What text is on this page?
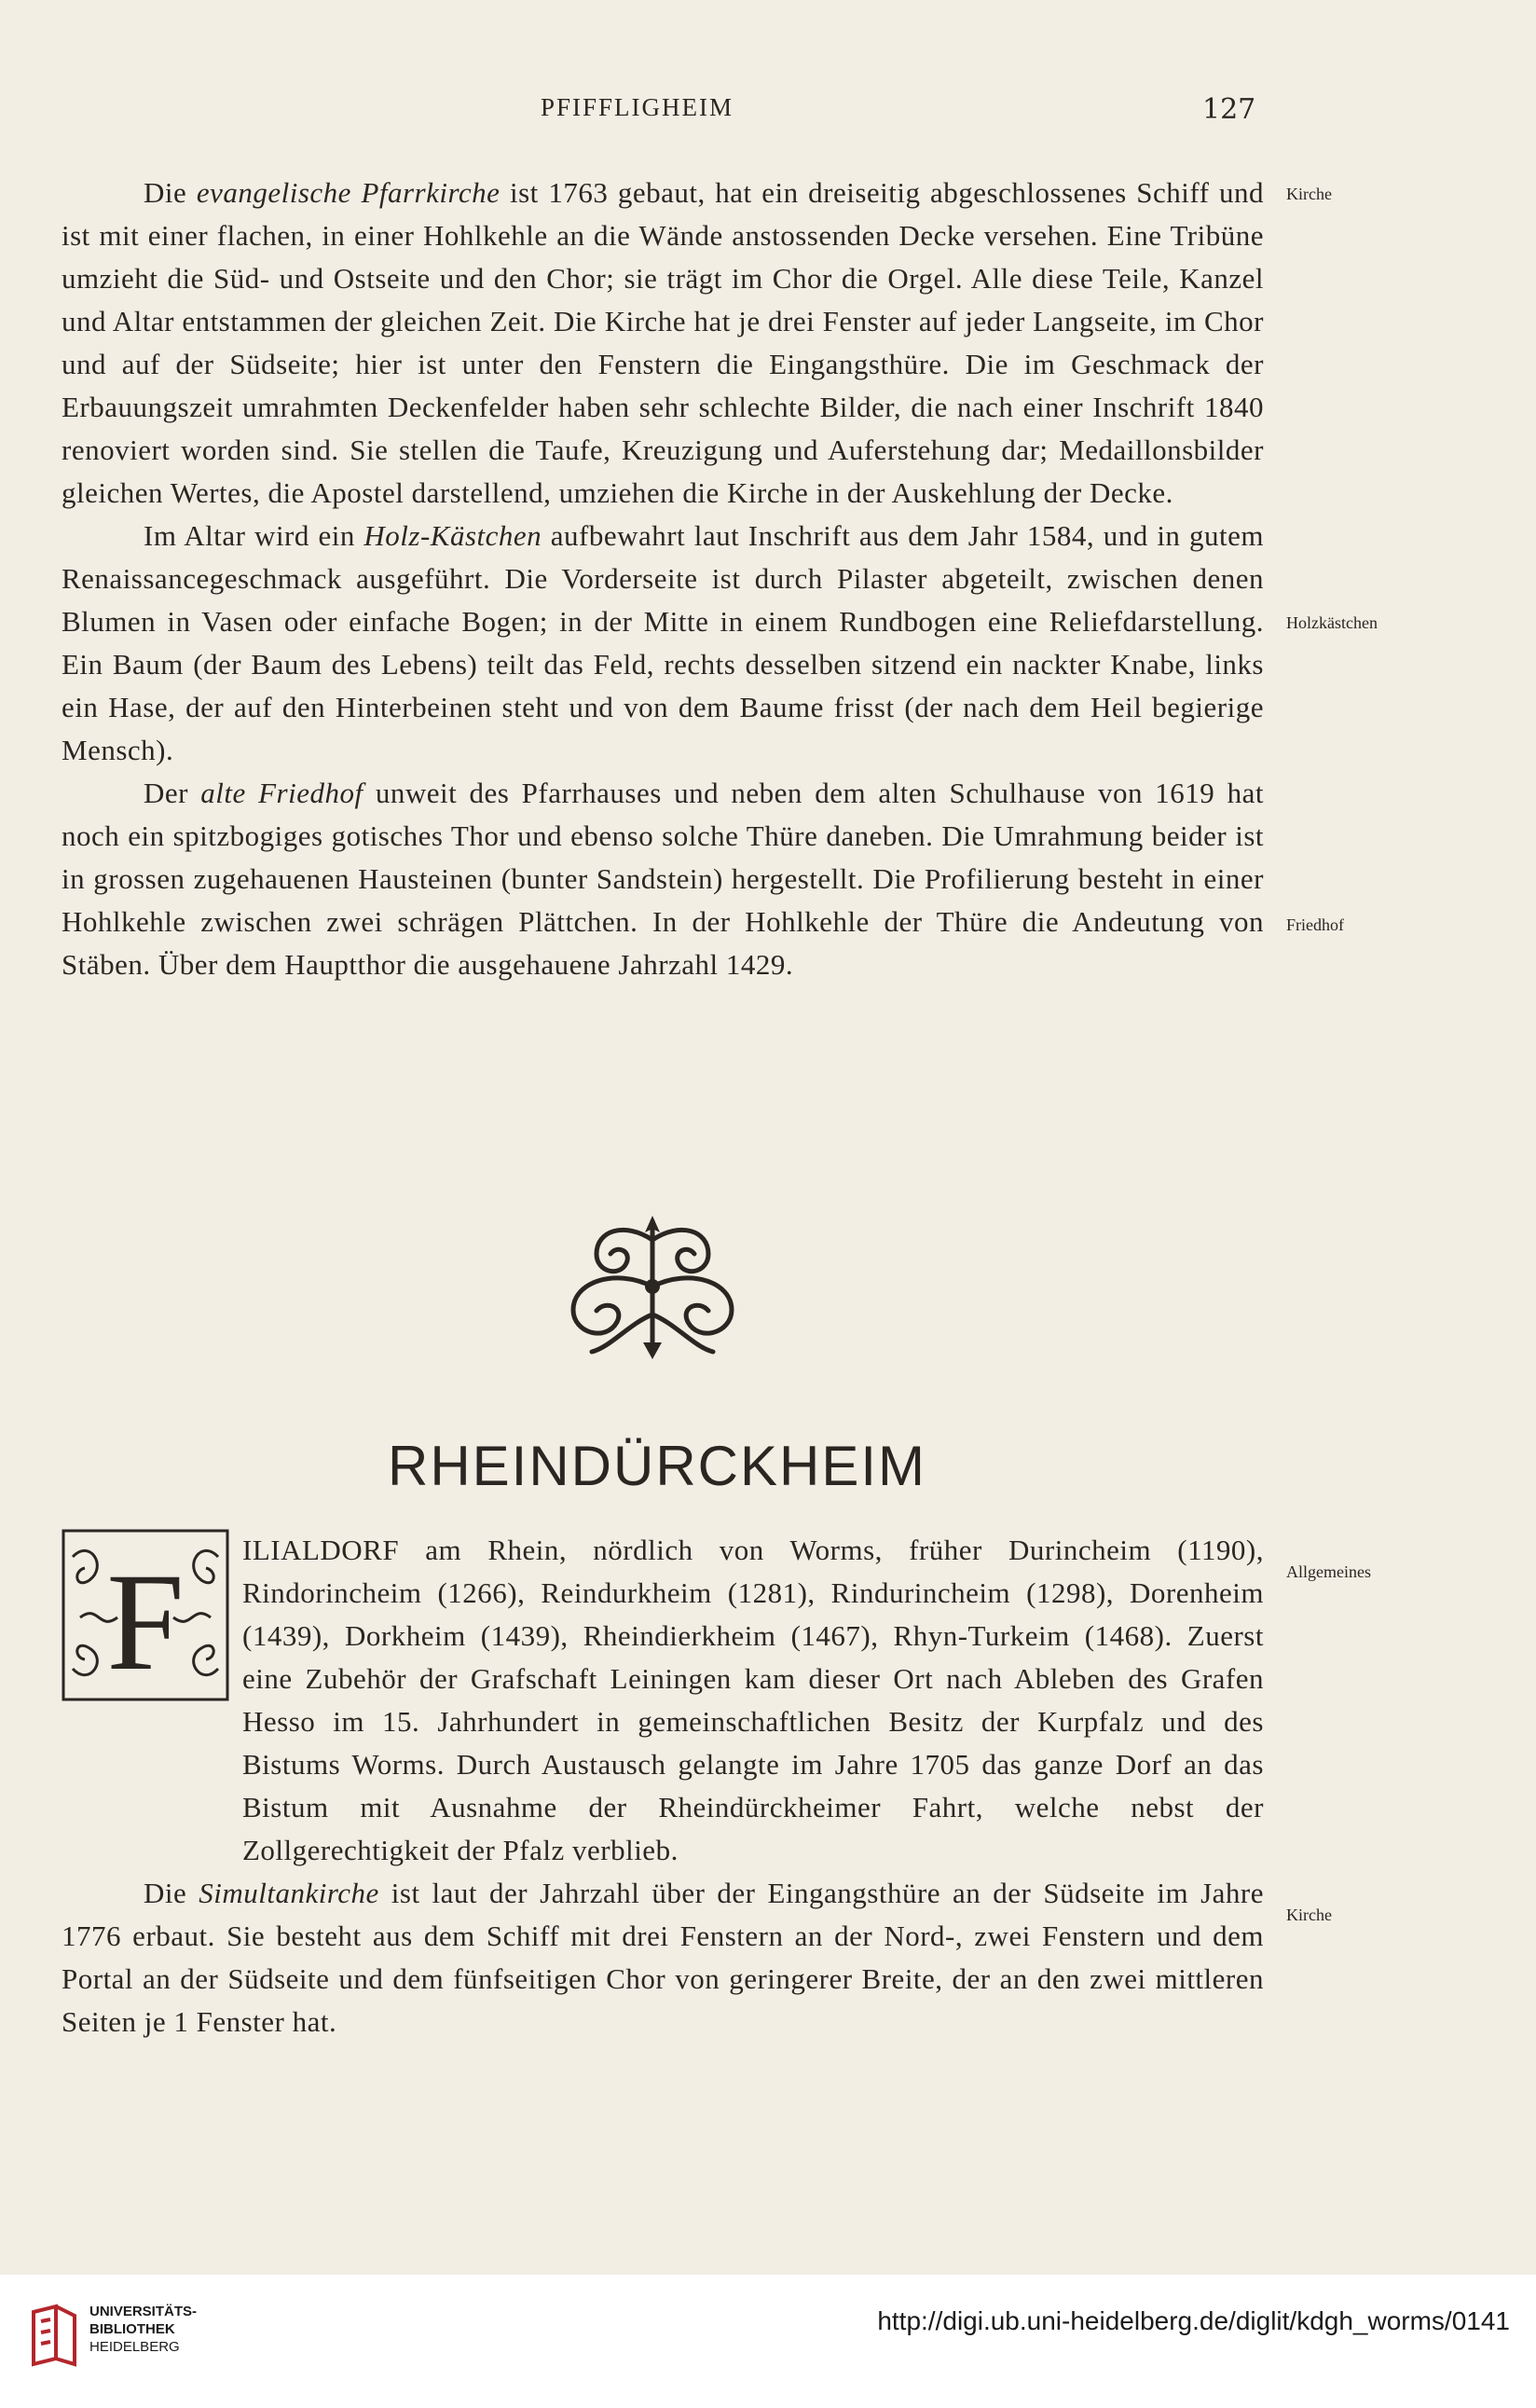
PFIFFLIGHEIM	127
Kirche
Holzkästchen
Friedhof
Allgemeines
Kirche

Die evangelische Pfarrkirche ist 1763 gebaut, hat ein dreiseitig abgeschlossenes Schiff und ist mit einer flachen, in einer Hohlkehle an die Wände anstossenden Decke versehen. Eine Tribüne umzieht die Süd- und Ostseite und den Chor; sie trägt im Chor die Orgel. Alle diese Teile, Kanzel und Altar entstammen der gleichen Zeit. Die Kirche hat je drei Fenster auf jeder Langseite, im Chor und auf der Südseite; hier ist unter den Fenstern die Eingangsthüre. Die im Geschmack der Erbauungszeit umrahmten Deckenfelder haben sehr schlechte Bilder, die nach einer Inschrift 1840 renoviert worden sind. Sie stellen die Taufe, Kreuzigung und Auferstehung dar; Medaillonsbilder gleichen Wertes, die Apostel darstellend, umziehen die Kirche in der Auskehlung der Decke.

Im Altar wird ein Holz-Kästchen aufbewahrt laut Inschrift aus dem Jahr 1584, und in gutem Renaissancegeschmack ausgeführt. Die Vorderseite ist durch Pilaster abgeteilt, zwischen denen Blumen in Vasen oder einfache Bogen; in der Mitte in einem Rundbogen eine Reliefdarstellung. Ein Baum (der Baum des Lebens) teilt das Feld, rechts desselben sitzend ein nackter Knabe, links ein Hase, der auf den Hinterbeinen steht und von dem Baume frisst (der nach dem Heil begierige Mensch).

Der alte Friedhof unweit des Pfarrhauses und neben dem alten Schulhause von 1619 hat noch ein spitzbogiges gotisches Thor und ebenso solche Thüre daneben. Die Umrahmung beider ist in grossen zugehauenen Hausteinen (bunter Sandstein) hergestellt. Die Profilierung besteht in einer Hohlkehle zwischen zwei schrägen Plättchen. In der Hohlkehle der Thüre die Andeutung von Stäben. Über dem Hauptthor die ausgehauene Jahrzahl 1429.

RHEINDÜRCKHEIM
F	ILIALDORF am Rhein, nördlich von Worms, früher Durincheim (1190), Rindorincheim (1266), Reindurkheim (1281), Rindurincheim (1298), Dorenheim (1439), Dorkheim (1439), Rheindierkheim (1467), Rhyn-Turkeim (1468). Zuerst eine Zubehör der Grafschaft Leiningen kam dieser Ort nach Ableben des Grafen Hesso im 15. Jahrhundert in gemeinschaftlichen Besitz der Kurpfalz und des Bistums Worms. Durch Austausch gelangte im Jahre 1705 das ganze Dorf an das Bistum mit Ausnahme der Rheindürckheimer Fahrt, welche nebst der Zollgerechtigkeit der Pfalz verblieb.

Die Simultankirche ist laut der Jahrzahl über der Eingangsthüre an der Südseite im Jahre 1776 erbaut. Sie besteht aus dem Schiff mit drei Fenstern an der Nord-, zwei Fenstern und dem Portal an der Südseite und dem fünfseitigen Chor von geringerer Breite, der an den zwei mittleren Seiten je 1 Fenster hat.

UNIVERSITÄTS-
BIBLIOTHEK
HEIDELBERG
http://digi.ub.uni-heidelberg.de/diglit/kdgh_worms/0141
